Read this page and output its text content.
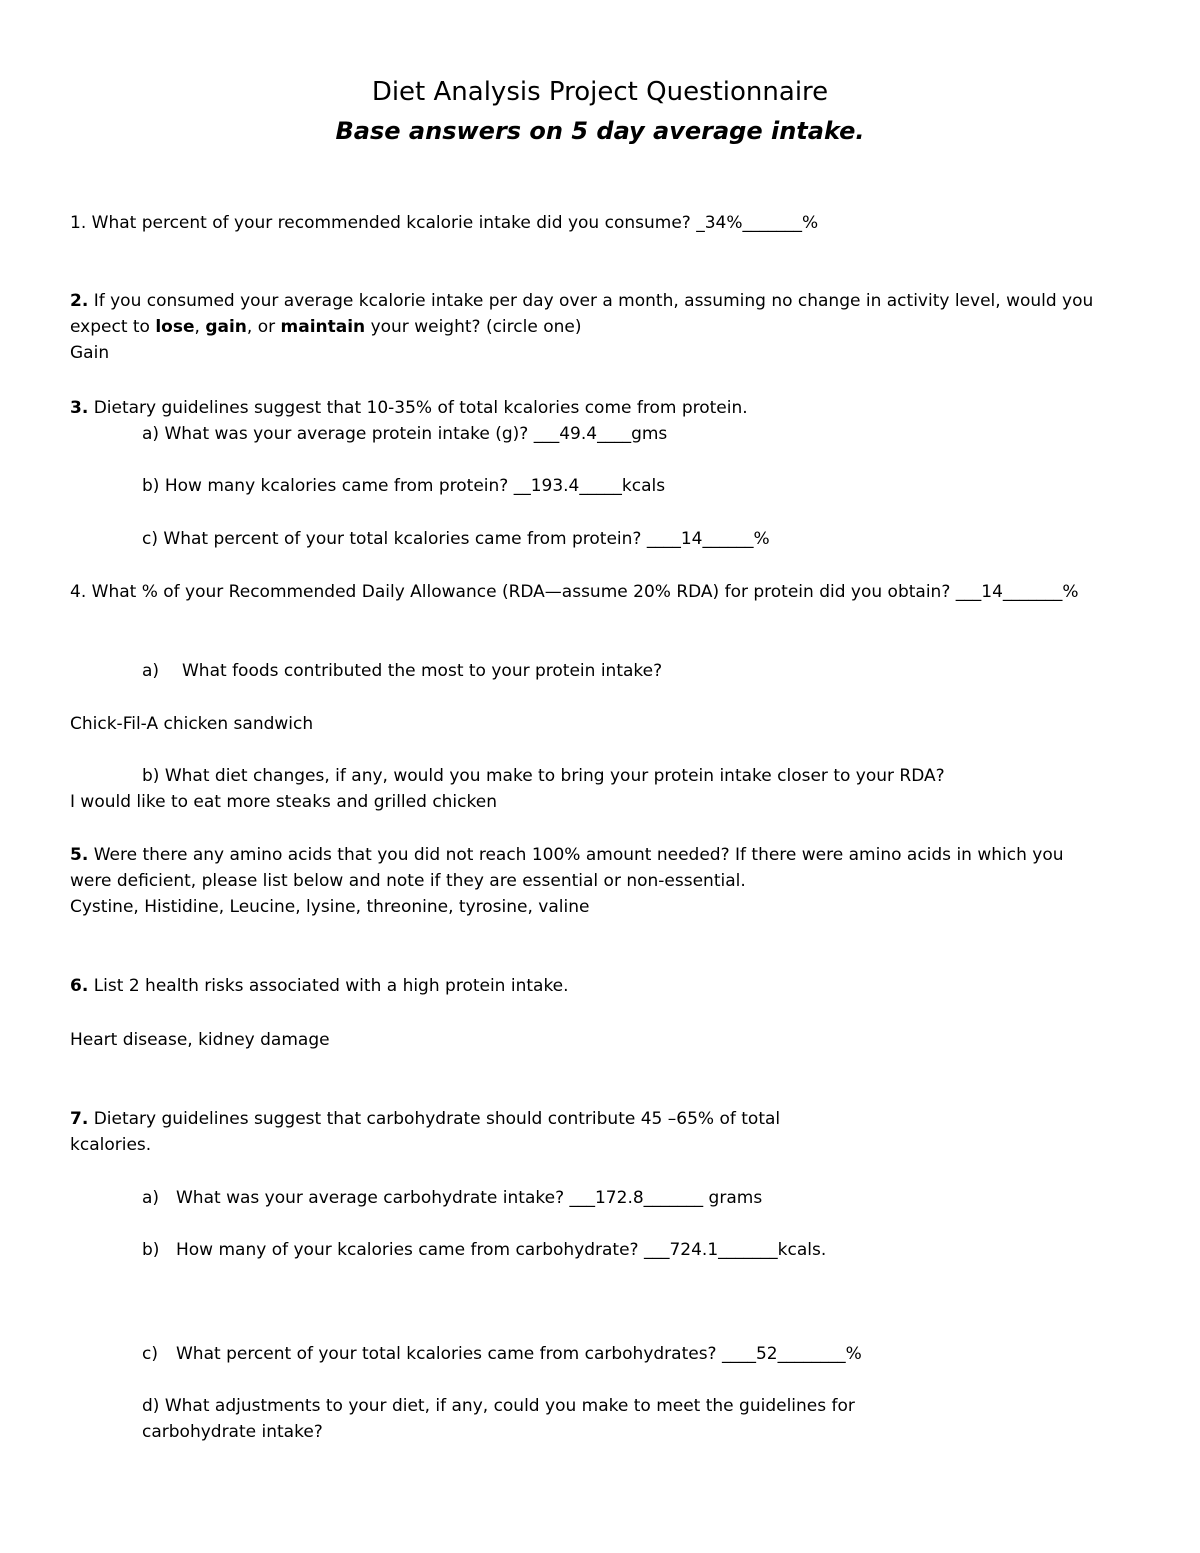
Diet Analysis Project Questionnaire
Base answers on 5 day average intake.
1. What percent of your recommended kcalorie intake did you consume? _34%_______%
2. If you consumed your average kcalorie intake per day over a month, assuming no change in activity level, would you
expect to lose, gain, or maintain your weight? (circle one)
Gain
3. Dietary guidelines suggest that 10-35% of total kcalories come from protein.
a) What was your average protein intake (g)? ___49.4____gms
b) How many kcalories came from protein? __193.4_____kcals
c) What percent of your total kcalories came from protein? ____14______%
4. What % of your Recommended Daily Allowance (RDA—assume 20% RDA) for protein did you obtain? ___14_______%
a) What foods contributed the most to your protein intake?
Chick-Fil-A chicken sandwich
b) What diet changes, if any, would you make to bring your protein intake closer to your RDA?
I would like to eat more steaks and grilled chicken
5. Were there any amino acids that you did not reach 100% amount needed? If there were amino acids in which you
were deficient, please list below and note if they are essential or non-essential.
Cystine, Histidine, Leucine, lysine, threonine, tyrosine, valine
6. List 2 health risks associated with a high protein intake.
Heart disease, kidney damage
7. Dietary guidelines suggest that carbohydrate should contribute 45 –65% of total
kcalories.
a) What was your average carbohydrate intake? ___172.8_______ grams
b) How many of your kcalories came from carbohydrate? ___724.1_______kcals.
c) What percent of your total kcalories came from carbohydrates? ____52________%
d) What adjustments to your diet, if any, could you make to meet the guidelines for
carbohydrate intake?
